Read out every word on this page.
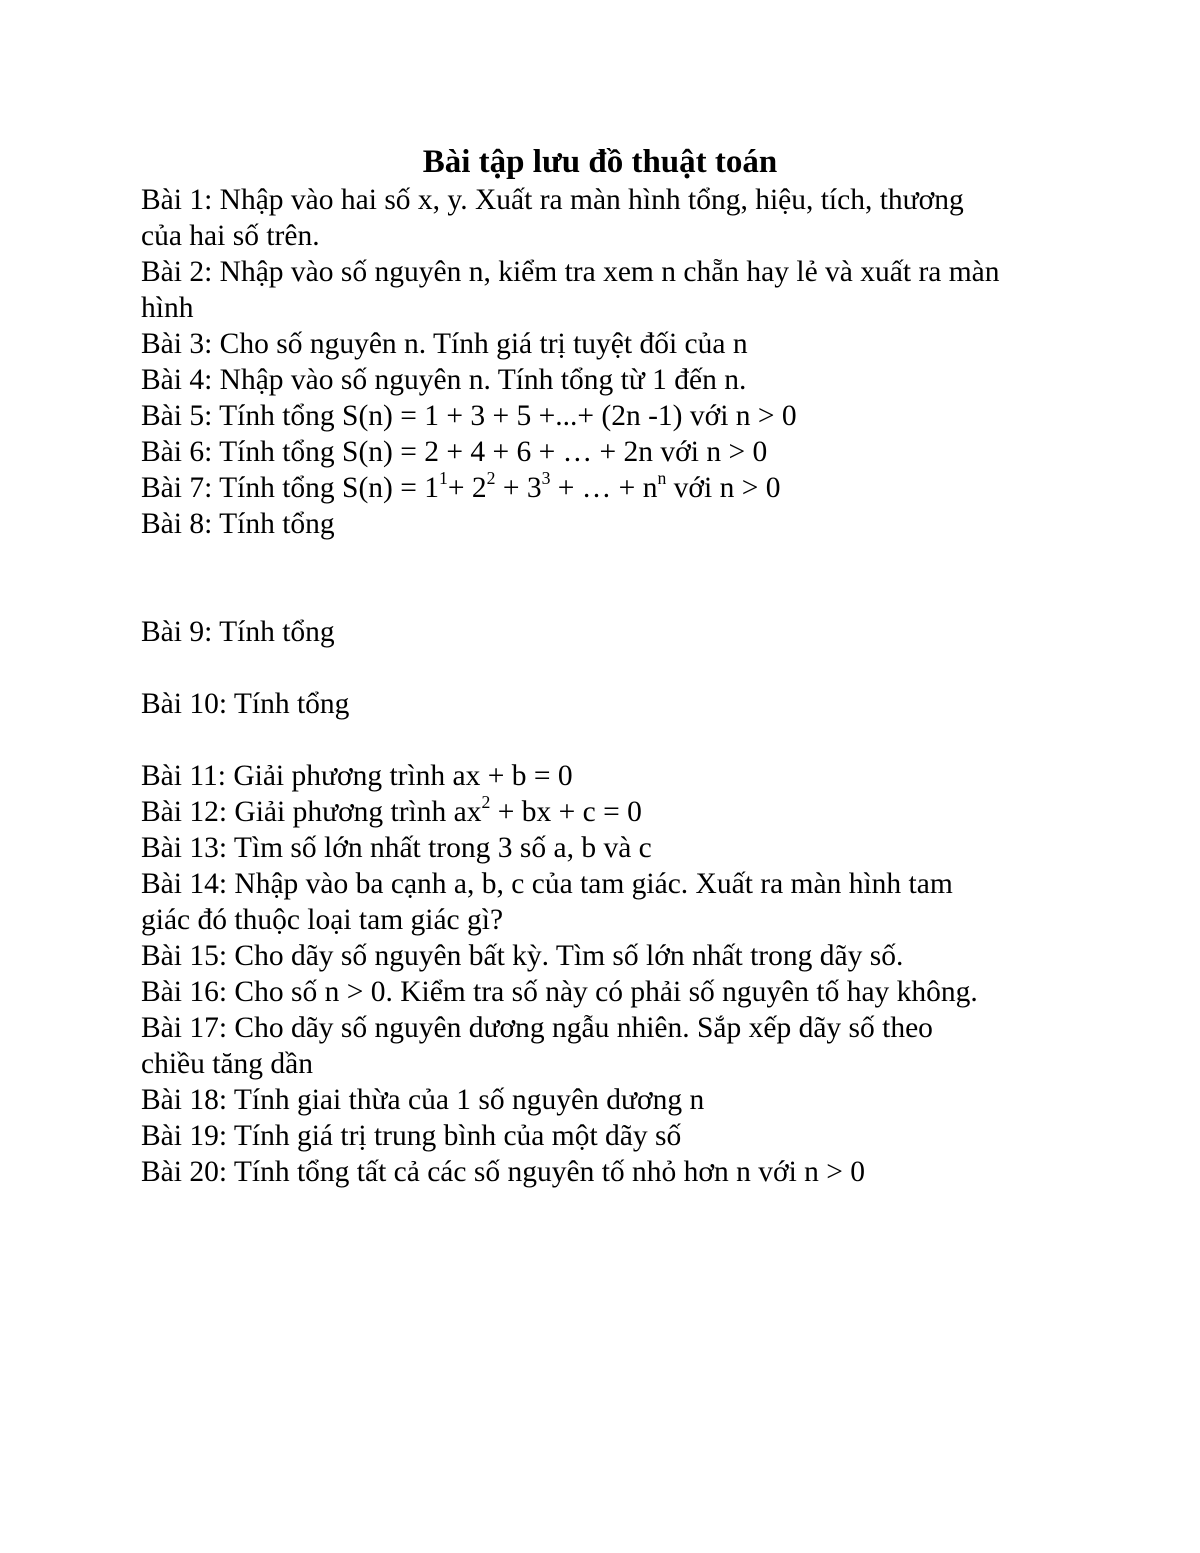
Bài tập lưu đồ thuật toán
Bài 1: Nhập vào hai số x, y. Xuất ra màn hình tổng, hiệu, tích, thương
của hai số trên.
Bài 2: Nhập vào số nguyên n, kiểm tra xem n chẵn hay lẻ và xuất ra màn
hình
Bài 3: Cho số nguyên n. Tính giá trị tuyệt đối của n
Bài 4: Nhập vào số nguyên n. Tính tổng từ 1 đến n.
Bài 5: Tính tổng S(n) = 1 + 3 + 5 +...+ (2n -1) với n > 0
Bài 6: Tính tổng S(n) = 2 + 4 + 6 + … + 2n với n > 0
Bài 7: Tính tổng $S(n) = 1^1+ 2^2 + 3^3$ + … + $n^n$ với n > 0
Bài 8: Tính tổng
Bài 9: Tính tổng
Bài 10: Tính tổng
Bài 11: Giải phương trình ax + b = 0
Bài 12: Giải phương trình $ax^2$ + bx + c = 0
Bài 13: Tìm số lớn nhất trong 3 số a, b và c
Bài 14: Nhập vào ba cạnh a, b, c của tam giác. Xuất ra màn hình tam
giác đó thuộc loại tam giác gì?
Bài 15: Cho dãy số nguyên bất kỳ. Tìm số lớn nhất trong dãy số.
Bài 16: Cho số n > 0. Kiểm tra số này có phải số nguyên tố hay không.
Bài 17: Cho dãy số nguyên dương ngẫu nhiên. Sắp xếp dãy số theo
chiều tăng dần
Bài 18: Tính giai thừa của 1 số nguyên dương n
Bài 19: Tính giá trị trung bình của một dãy số
Bài 20: Tính tổng tất cả các số nguyên tố nhỏ hơn n với n > 0
